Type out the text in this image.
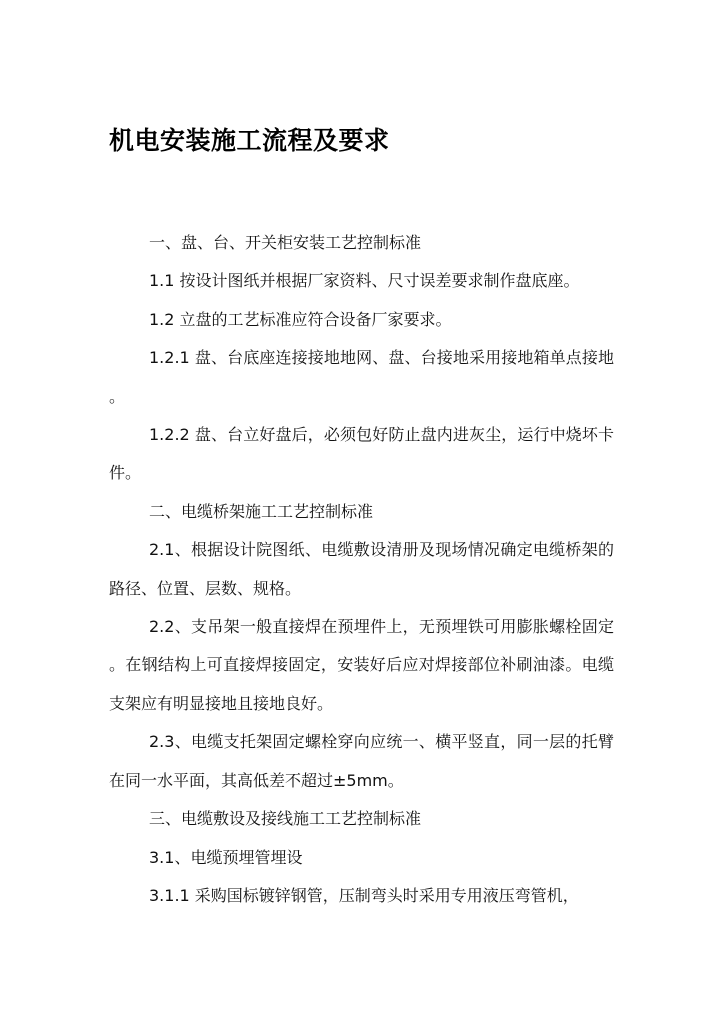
机电安装施工流程及要求

一、盘、台、开关柜安装工艺控制标准

1.1 按设计图纸并根据厂家资料、尺寸误差要求制作盘底座。

1.2 立盘的工艺标准应符合设备厂家要求。

1.2.1 盘、台底座连接接地地网、盘、台接地采用接地箱单点接地。

1.2.2 盘、台立好盘后，必须包好防止盘内进灰尘，运行中烧坏卡件。

二、电缆桥架施工工艺控制标准

2.1、根据设计院图纸、电缆敷设清册及现场情况确定电缆桥架的路径、位置、层数、规格。

2.2、支吊架一般直接焊在预埋件上，无预埋铁可用膨胀螺栓固定。在钢结构上可直接焊接固定，安装好后应对焊接部位补刷油漆。电缆支架应有明显接地且接地良好。

2.3、电缆支托架固定螺栓穿向应统一、横平竖直，同一层的托臂在同一水平面，其高低差不超过±5mm。

三、电缆敷设及接线施工工艺控制标准

3.1、电缆预埋管埋设

3.1.1 采购国标镀锌钢管，压制弯头时采用专用液压弯管机，
